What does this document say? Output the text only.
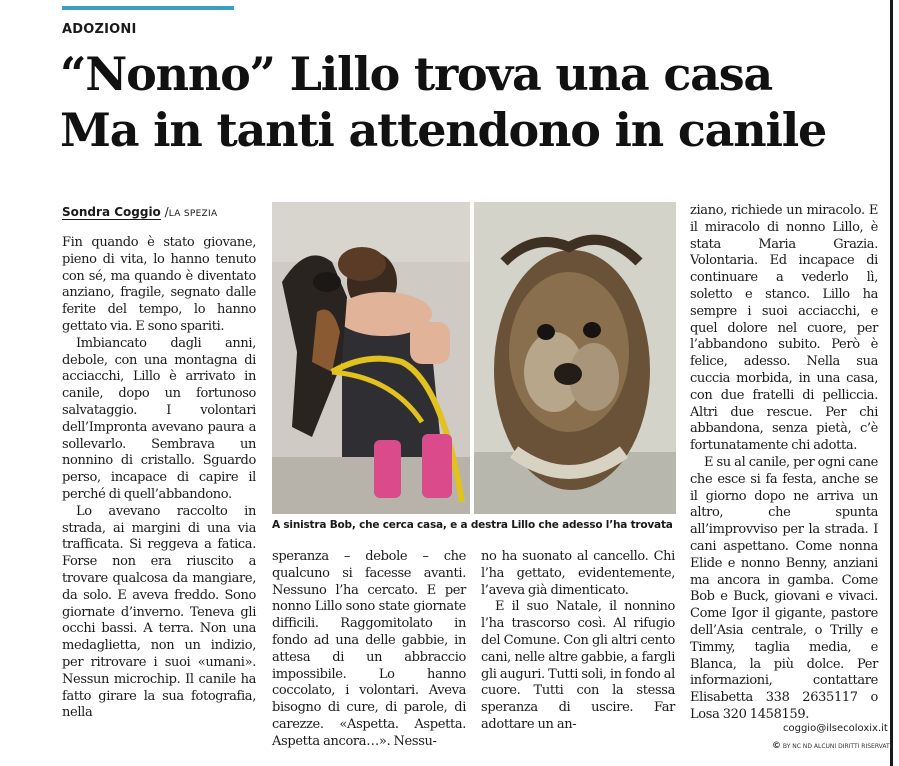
ADOZIONI
“Nonno” Lillo trova una casa
Ma in tanti attendono in canile
Sondra Coggio /LA SPEZIA

Fin quando è stato giovane, pieno di vita, lo hanno tenuto con sé, ma quando è diventato anziano, fragile, segnato dalle ferite del tempo, lo hanno gettato via. E sono spariti.

Imbiancato dagli anni, debole, con una montagna di acciacchi, Lillo è arrivato in canile, dopo un fortunoso salvataggio. I volontari dell’Impronta avevano paura a sollevarlo. Sembrava un nonnino di cristallo. Sguardo perso, incapace di capire il perché di quell’abbandono.

Lo avevano raccolto in strada, ai margini di una via trafficata. Si reggeva a fatica. Forse non era riuscito a trovare qualcosa da mangiare, da solo. E aveva freddo. Sono giornate d’inverno. Teneva gli occhi bassi. A terra. Non una medaglietta, non un indizio, per ritrovare i suoi «umani». Nessun microchip. Il canile ha fatto girare la sua fotografia, nella

A sinistra Bob, che cerca casa, e a destra Lillo che adesso l’ha trovata

speranza – debole – che qualcuno si facesse avanti. Nessuno l’ha cercato. E per nonno Lillo sono state giornate difficili. Raggomitolato in fondo ad una delle gabbie, in attesa di un abbraccio impossibile. Lo hanno coccolato, i volontari. Aveva bisogno di cure, di parole, di carezze. «Aspetta. Aspetta. Aspetta ancora…». Nessu-

no ha suonato al cancello. Chi l’ha gettato, evidentemente, l’aveva già dimenticato.

E il suo Natale, il nonnino l’ha trascorso così. Al rifugio del Comune. Con gli altri cento cani, nelle altre gabbie, a fargli gli auguri. Tutti soli, in fondo al cuore. Tutti con la stessa speranza di uscire. Far adottare un an-

ziano, richiede un miracolo. E il miracolo di nonno Lillo, è stata Maria Grazia. Volontaria. Ed incapace di continuare a vederlo lì, soletto e stanco. Lillo ha sempre i suoi acciacchi, e quel dolore nel cuore, per l’abbandono subito. Però è felice, adesso. Nella sua cuccia morbida, in una casa, con due fratelli di pelliccia. Altri due rescue. Per chi abbandona, senza pietà, c’è fortunatamente chi adotta.

E su al canile, per ogni cane che esce si fa festa, anche se il giorno dopo ne arriva un altro, che spunta all’improvviso per la strada. I cani aspettano. Come nonna Elide e nonno Benny, anziani ma ancora in gamba. Come Bob e Buck, giovani e vivaci. Come Igor il gigante, pastore dell’Asia centrale, o Trilly e Timmy, taglia media, e Blanca, la più dolce. Per informazioni, contattare Elisabetta 338 2635117 o Losa 320 1458159.

coggio@ilsecoloxix.it
© BY NC ND ALCUNI DIRITTI RISERVATI
